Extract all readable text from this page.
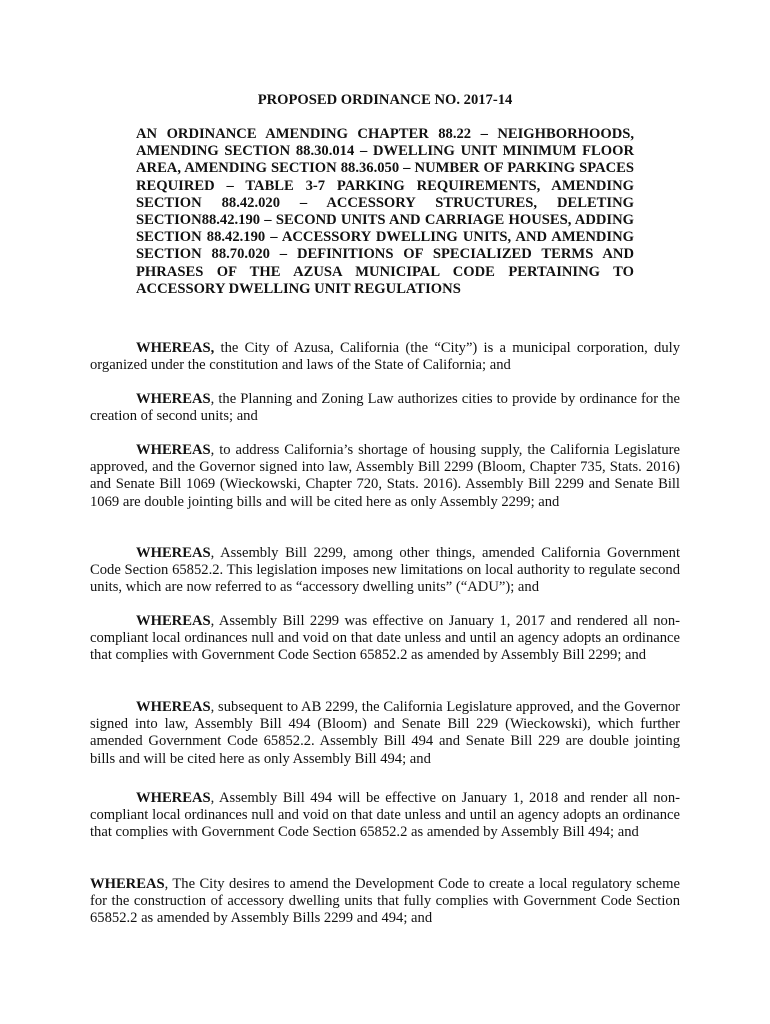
PROPOSED ORDINANCE NO. 2017-14
AN ORDINANCE AMENDING CHAPTER 88.22 – NEIGHBORHOODS, AMENDING SECTION 88.30.014 – DWELLING UNIT MINIMUM FLOOR AREA, AMENDING SECTION 88.36.050 – NUMBER OF PARKING SPACES REQUIRED – TABLE 3-7 PARKING REQUIREMENTS, AMENDING SECTION 88.42.020 – ACCESSORY STRUCTURES, DELETING SECTION88.42.190 – SECOND UNITS AND CARRIAGE HOUSES, ADDING SECTION 88.42.190 – ACCESSORY DWELLING UNITS, AND AMENDING SECTION 88.70.020 – DEFINITIONS OF SPECIALIZED TERMS AND PHRASES OF THE AZUSA MUNICIPAL CODE PERTAINING TO ACCESSORY DWELLING UNIT REGULATIONS

WHEREAS, the City of Azusa, California (the “City”) is a municipal corporation, duly organized under the constitution and laws of the State of California; and

WHEREAS, the Planning and Zoning Law authorizes cities to provide by ordinance for the creation of second units; and

WHEREAS, to address California’s shortage of housing supply, the California Legislature approved, and the Governor signed into law, Assembly Bill 2299 (Bloom, Chapter 735, Stats. 2016) and Senate Bill 1069 (Wieckowski, Chapter 720, Stats. 2016). Assembly Bill 2299 and Senate Bill 1069 are double jointing bills and will be cited here as only Assembly 2299; and

WHEREAS, Assembly Bill 2299, among other things, amended California Government Code Section 65852.2. This legislation imposes new limitations on local authority to regulate second units, which are now referred to as “accessory dwelling units” (“ADU”); and

WHEREAS, Assembly Bill 2299 was effective on January 1, 2017 and rendered all non-compliant local ordinances null and void on that date unless and until an agency adopts an ordinance that complies with Government Code Section 65852.2 as amended by Assembly Bill 2299; and

WHEREAS, subsequent to AB 2299, the California Legislature approved, and the Governor signed into law, Assembly Bill 494 (Bloom) and Senate Bill 229 (Wieckowski), which further amended Government Code 65852.2. Assembly Bill 494 and Senate Bill 229 are double jointing bills and will be cited here as only Assembly Bill 494; and

WHEREAS, Assembly Bill 494 will be effective on January 1, 2018 and render all non-compliant local ordinances null and void on that date unless and until an agency adopts an ordinance that complies with Government Code Section 65852.2 as amended by Assembly Bill 494; and

WHEREAS, The City desires to amend the Development Code to create a local regulatory scheme for the construction of accessory dwelling units that fully complies with Government Code Section 65852.2 as amended by Assembly Bills 2299 and 494; and
